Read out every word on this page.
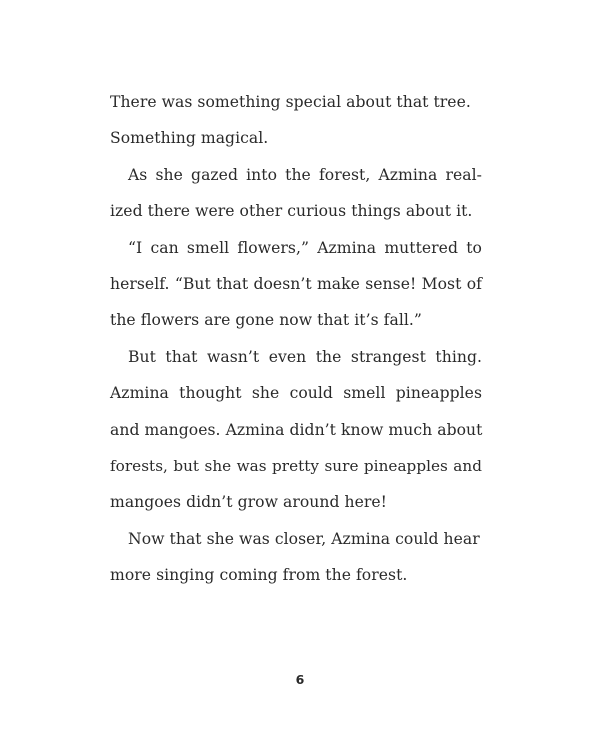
There was something special about that tree.
Something magical.
As she gazed into the forest, Azmina real-
ized there were other curious things about it.
“I can smell flowers,” Azmina muttered to
herself. “But that doesn’t make sense! Most of
the flowers are gone now that it’s fall.”
But that wasn’t even the strangest thing.
Azmina thought she could smell pineapples
and mangoes. Azmina didn’t know much about
forests, but she was pretty sure pineapples and
mangoes didn’t grow around here!
Now that she was closer, Azmina could hear
more singing coming from the forest.
6
